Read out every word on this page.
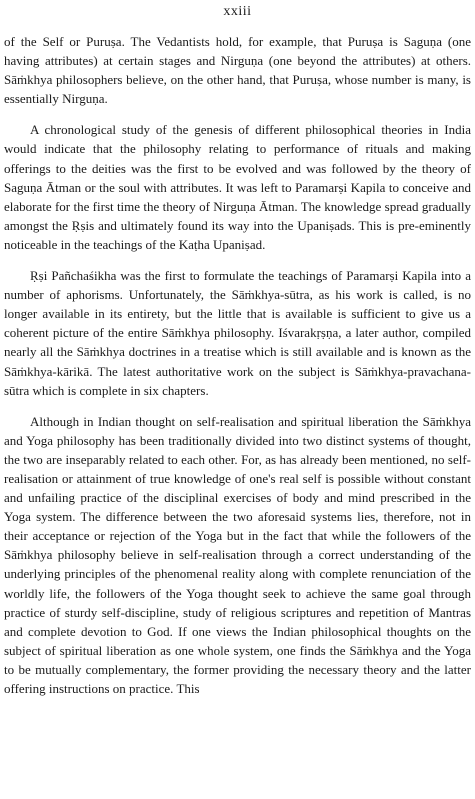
xxiii

of the Self or Puruṣa. The Vedantists hold, for example, that Puruṣa is Saguṇa (one having attributes) at certain stages and Nirguṇa (one beyond the attributes) at others. Sāṁkhya philosophers believe, on the other hand, that Puruṣa, whose number is many, is essentially Nirguṇa.

A chronological study of the genesis of different philosophical theories in India would indicate that the philosophy relating to performance of rituals and making offerings to the deities was the first to be evolved and was followed by the theory of Saguṇa Ātman or the soul with attributes. It was left to Paramarṣi Kapila to conceive and elaborate for the first time the theory of Nirguṇa Ātman. The knowledge spread gradually amongst the Ṛṣis and ultimately found its way into the Upaniṣads. This is pre-eminently noticeable in the teachings of the Kaṭha Upaniṣad.

Ṛṣi Pañchaśikha was the first to formulate the teachings of Paramarṣi Kapila into a number of aphorisms. Unfortunately, the Sāṁkhya-sūtra, as his work is called, is no longer available in its entirety, but the little that is available is sufficient to give us a coherent picture of the entire Sāṁkhya philosophy. Iśvarakṛṣṇa, a later author, compiled nearly all the Sāṁkhya doctrines in a treatise which is still available and is known as the Sāṁkhya-kārikā. The latest authoritative work on the subject is Sāṁkhya-pravachana-sūtra which is complete in six chapters.

Although in Indian thought on self-realisation and spiritual liberation the Sāṁkhya and Yoga philosophy has been traditionally divided into two distinct systems of thought, the two are inseparably related to each other. For, as has already been mentioned, no self-realisation or attainment of true knowledge of one's real self is possible without constant and unfailing practice of the disciplinal exercises of body and mind prescribed in the Yoga system. The difference between the two aforesaid systems lies, therefore, not in their acceptance or rejection of the Yoga but in the fact that while the followers of the Sāṁkhya philosophy believe in self-realisation through a correct understanding of the underlying principles of the phenomenal reality along with complete renunciation of the worldly life, the followers of the Yoga thought seek to achieve the same goal through practice of sturdy self-discipline, study of religious scriptures and repetition of Mantras and complete devotion to God. If one views the Indian philosophical thoughts on the subject of spiritual liberation as one whole system, one finds the Sāṁkhya and the Yoga to be mutually complementary, the former providing the necessary theory and the latter offering instructions on practice. This
